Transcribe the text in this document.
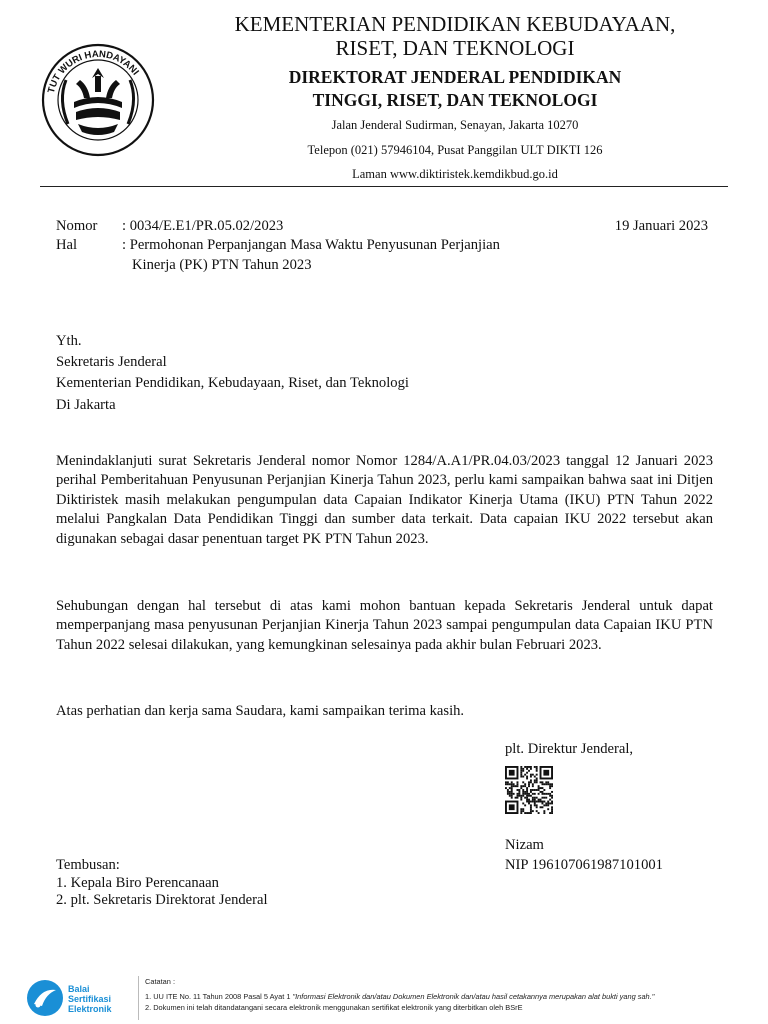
TUT WURI HANDAYANI
KEMENTERIAN PENDIDIKAN KEBUDAYAAN,
RISET, DAN TEKNOLOGI
DIREKTORAT JENDERAL PENDIDIKAN
TINGGI, RISET, DAN TEKNOLOGI
Jalan Jenderal Sudirman, Senayan, Jakarta 10270
Telepon (021) 57946104, Pusat Panggilan ULT DIKTI 126
Laman www.diktiristek.kemdikbud.go.id
Nomor : 0034/E.E1/PR.05.02/2023	19 Januari 2023
Hal	: Permohonan Perpanjangan Masa Waktu Penyusunan Perjanjian
Kinerja (PK) PTN Tahun 2023
Yth.
Sekretaris Jenderal
Kementerian Pendidikan, Kebudayaan, Riset, dan Teknologi
Di Jakarta
Menindaklanjuti surat Sekretaris Jenderal nomor Nomor 1284/A.A1/PR.04.03/2023 tanggal 12 Januari 2023 perihal Pemberitahuan Penyusunan Perjanjian Kinerja Tahun 2023, perlu kami sampaikan bahwa saat ini Ditjen Diktiristek masih melakukan pengumpulan data Capaian Indikator Kinerja Utama (IKU) PTN Tahun 2022 melalui Pangkalan Data Pendidikan Tinggi dan sumber data terkait. Data capaian IKU 2022 tersebut akan digunakan sebagai dasar penentuan target PK PTN Tahun 2023.
Sehubungan dengan hal tersebut di atas kami mohon bantuan kepada Sekretaris Jenderal untuk dapat memperpanjang masa penyusunan Perjanjian Kinerja Tahun 2023 sampai pengumpulan data Capaian IKU PTN Tahun 2022 selesai dilakukan, yang kemungkinan selesainya pada akhir bulan Februari 2023.
Atas perhatian dan kerja sama Saudara, kami sampaikan terima kasih.
plt. Direktur Jenderal,
Nizam
NIP 196107061987101001
Tembusan:
1. Kepala Biro Perencanaan
2. plt. Sekretaris Direktorat Jenderal
Balai
Sertifikasi
Elektronik
Catatan :
1. UU ITE No. 11 Tahun 2008 Pasal 5 Ayat 1 "Informasi Elektronik dan/atau Dokumen Elektronik dan/atau hasil cetakannya merupakan alat bukti yang sah."
2. Dokumen ini telah ditandatangani secara elektronik menggunakan sertifikat elektronik yang diterbitkan oleh BSrE
